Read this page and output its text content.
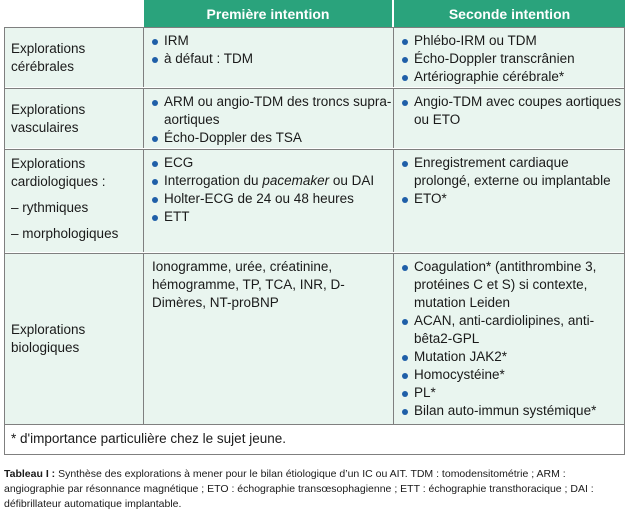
Première intention	Seconde intention
Explorations
cérébrales
IRM
à défaut : TDM
Phlébo-IRM ou TDM
Écho-Doppler transcrânien
Artériographie cérébrale*
Explorations
vasculaires
ARM ou angio-TDM des troncs supra-aortiques
Écho-Doppler des TSA
Angio-TDM avec coupes aortiques ou ETO
Explorations
cardiologiques :
– rythmiques
– morphologiques
ECG
Interrogation du pacemaker ou DAI
Holter-ECG de 24 ou 48 heures
ETT
Enregistrement cardiaque prolongé, externe ou implantable
ETO*
Explorations
biologiques

Ionogramme, urée, créatinine, hémogramme, TP, TCA, INR, D-Dimères, NT-proBNP

Coagulation* (antithrombine 3, protéines C et S) si contexte, mutation Leiden
ACAN, anti-cardiolipines, anti-bêta2-GPL
Mutation JAK2*
Homocystéine*
PL*
Bilan auto-immun systémique*
* d'importance particulière chez le sujet jeune.
Tableau I : Synthèse des explorations à mener pour le bilan étiologique d’un IC ou AIT. TDM : tomodensitométrie ; ARM : angiographie par résonnance magnétique ; ETO : échographie transœsophagienne ; ETT : échographie transthoracique ; DAI : défibrillateur automatique implantable.
